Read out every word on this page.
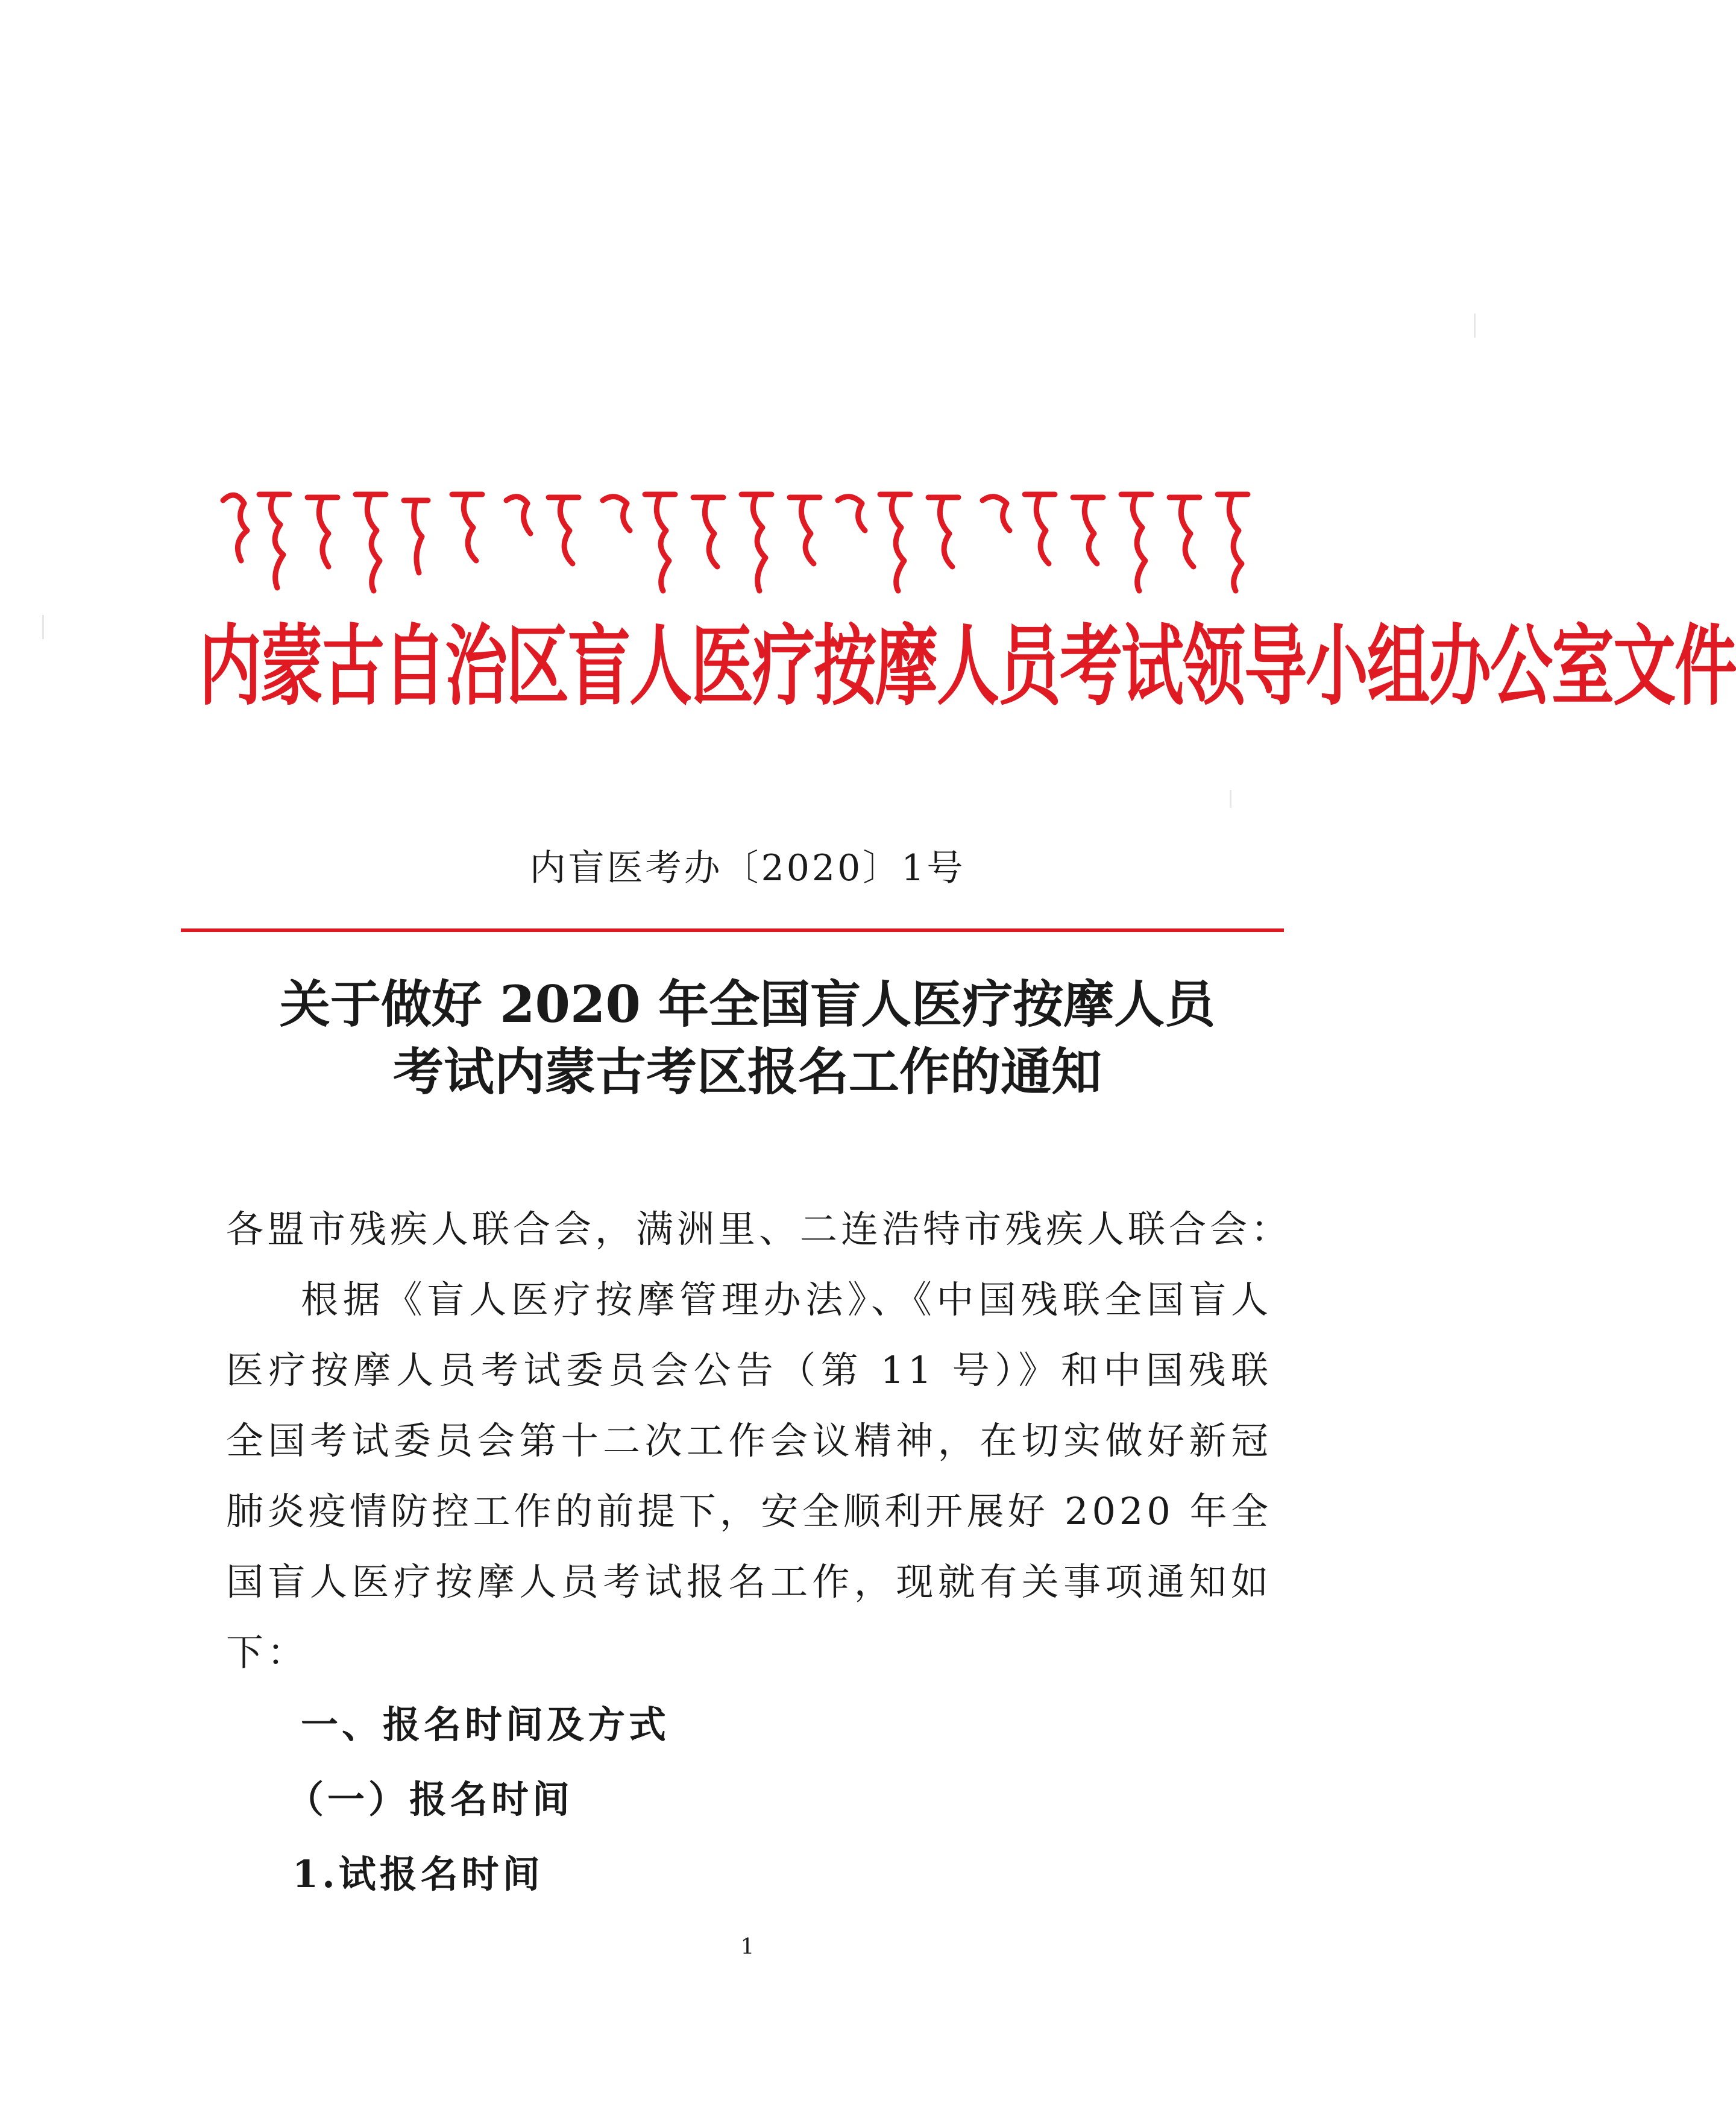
内蒙古自治区盲人医疗按摩人员考试领导小组办公室文件
内盲医考办〔2020〕1号
关于做好 2020 年全国盲人医疗按摩人员
考试内蒙古考区报名工作的通知

各盟市残疾人联合会，满洲里、二连浩特市残疾人联合会：

根据《盲人医疗按摩管理办法》、《中国残联全国盲人医疗按摩人员考试委员会公告（第 11 号）》和中国残联全国考试委员会第十二次工作会议精神，在切实做好新冠肺炎疫情防控工作的前提下，安全顺利开展好 2020 年全国盲人医疗按摩人员考试报名工作，现就有关事项通知如下：

一、报名时间及方式
（一）报名时间
1.试报名时间
1
